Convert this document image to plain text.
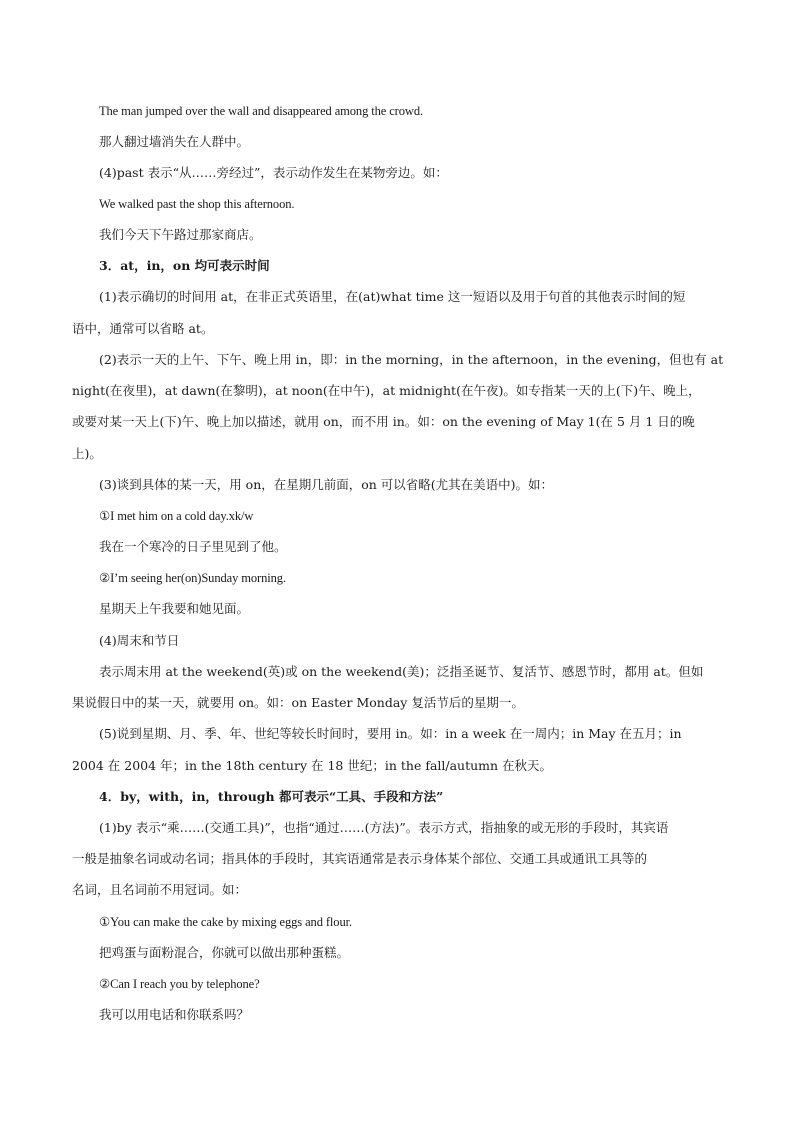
The man jumped over the wall and disappeared among the crowd.
那人翻过墙消失在人群中。
(4)past 表示“从……旁经过”，表示动作发生在某物旁边。如：
We walked past the shop this afternoon.
我们今天下午路过那家商店。
3．at，in，on 均可表示时间
(1)表示确切的时间用 at，在非正式英语里，在(at)what time 这一短语以及用于句首的其他表示时间的短
语中，通常可以省略 at。
(2)表示一天的上午、下午、晚上用 in，即：in the morning，in the afternoon，in the evening，但也有 at
night(在夜里)，at dawn(在黎明)，at noon(在中午)，at midnight(在午夜)。如专指某一天的上(下)午、晚上，
或要对某一天上(下)午、晚上加以描述，就用 on，而不用 in。如：on the evening of May 1(在 5 月 1 日的晚
上)。
(3)谈到具体的某一天，用 on，在星期几前面，on 可以省略(尤其在美语中)。如：
①I met him on a cold day.xk/w
我在一个寒冷的日子里见到了他。
②I’m seeing her(on)Sunday morning.
星期天上午我要和她见面。
(4)周末和节日
表示周末用 at the weekend(英)或 on the weekend(美)；泛指圣诞节、复活节、感恩节时，都用 at。但如
果说假日中的某一天，就要用 on。如：on Easter Monday 复活节后的星期一。
(5)说到星期、月、季、年、世纪等较长时间时，要用 in。如：in a week 在一周内；in May 在五月；in
2004 在 2004 年；in the 18th century 在 18 世纪；in the fall/autumn 在秋天。
4．by，with，in，through 都可表示“工具、手段和方法”
(1)by 表示“乘……(交通工具)”，也指“通过……(方法)”。表示方式，指抽象的或无形的手段时，其宾语
一般是抽象名词或动名词；指具体的手段时，其宾语通常是表示身体某个部位、交通工具或通讯工具等的
名词，且名词前不用冠词。如：
①You can make the cake by mixing eggs and flour.
把鸡蛋与面粉混合，你就可以做出那种蛋糕。
②Can I reach you by telephone?
我可以用电话和你联系吗？
